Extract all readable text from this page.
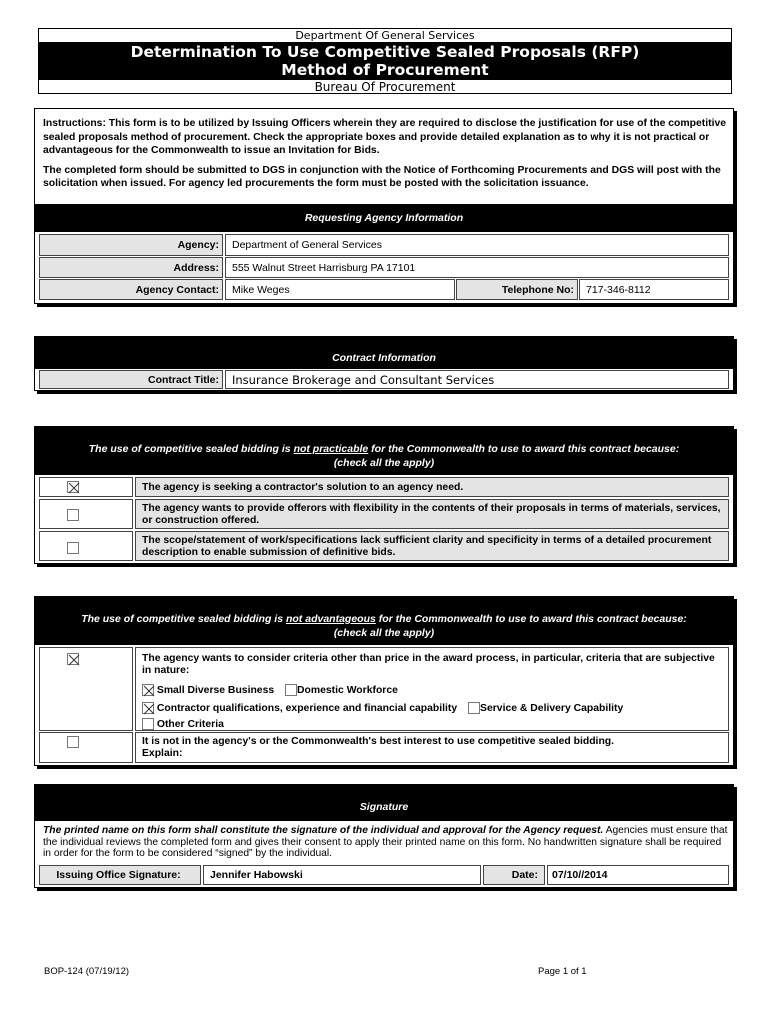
Department Of General Services
Determination To Use Competitive Sealed Proposals (RFP)
Method of Procurement
Bureau Of Procurement

Instructions: This form is to be utilized by Issuing Officers wherein they are required to disclose the justification for use of the competitive sealed proposals method of procurement. Check the appropriate boxes and provide detailed explanation as to why it is not practical or advantageous for the Commonwealth to issue an Invitation for Bids.

The completed form should be submitted to DGS in conjunction with the Notice of Forthcoming Procurements and DGS will post with the solicitation when issued. For agency led procurements the form must be posted with the solicitation issuance.

Requesting Agency Information
Agency:	Department of General Services
Address:	555 Walnut Street Harrisburg PA 17101
Agency Contact:	Mike Weges	Telephone No:	717-346-8112
Contract Information
Contract Title:	Insurance Brokerage and Consultant Services
The use of competitive sealed bidding is not practicable for the Commonwealth to use to award this contract because:
(check all the apply)
The agency is seeking a contractor's solution to an agency need.
The agency wants to provide offerors with flexibility in the contents of their proposals in terms of materials, services, or construction offered.
The scope/statement of work/specifications lack sufficient clarity and specificity in terms of a detailed procurement description to enable submission of definitive bids.
The use of competitive sealed bidding is not advantageous for the Commonwealth to use to award this contract because:
(check all the apply)
The agency wants to consider criteria other than price in the award process, in particular, criteria that are subjective in nature:
Small Diverse Business Domestic Workforce
Contractor qualifications, experience and financial capability Service & Delivery Capability
Other Criteria
It is not in the agency's or the Commonwealth's best interest to use competitive sealed bidding.
Explain:
Signature
The printed name on this form shall constitute the signature of the individual and approval for the Agency request. Agencies must ensure that the individual reviews the completed form and gives their consent to apply their printed name on this form. No handwritten signature shall be required in order for the form to be considered “signed” by the individual.
Issuing Office Signature:	Jennifer Habowski	Date:	07/10//2014
BOP-124 (07/19/12)	Page 1 of 1
